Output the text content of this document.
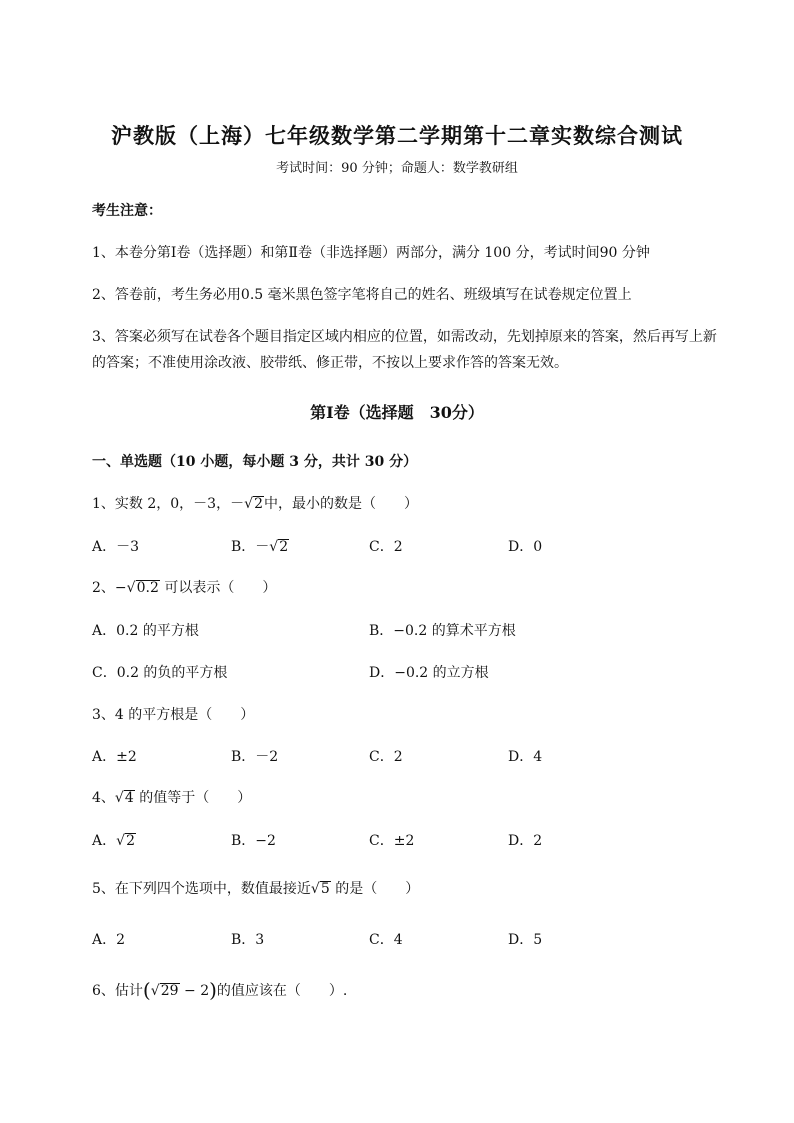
沪教版（上海）七年级数学第二学期第十二章实数综合测试
考试时间：90 分钟；命题人：数学教研组
考生注意：
1、本卷分第Ⅰ卷（选择题）和第Ⅱ卷（非选择题）两部分，满分 100 分，考试时间90 分钟
2、答卷前，考生务必用0.5 毫米黑色签字笔将自己的姓名、班级填写在试卷规定位置上
3、答案必须写在试卷各个题目指定区域内相应的位置，如需改动，先划掉原来的答案，然后再写上新
的答案；不准使用涂改液、胶带纸、修正带，不按以上要求作答的答案无效。
第Ⅰ卷（选择题　30分）
一、单选题（10 小题，每小题 3 分，共计 30 分）
1、实数 2，0，－3，－ √ 2中，最小的数是（　　）
A．－3	B．－ √ 2	C．2	D．0
2、− √ 0.2 可以表示（　　）
A．0.2 的平方根	B．−0.2 的算术平方根
C．0.2 的负的平方根	D．−0.2 的立方根
3、4 的平方根是（　　）
A．±2	B．－2	C．2	D．4
4、 √ 4 的值等于（　　）
A． √ 2	B．−2	C．±2	D．2
5、在下列四个选项中，数值最接近 √ 5 的是（　　）
A．2	B．3	C．4	D．5
6、估计( √ 29 − 2)的值应该在（　　）.
